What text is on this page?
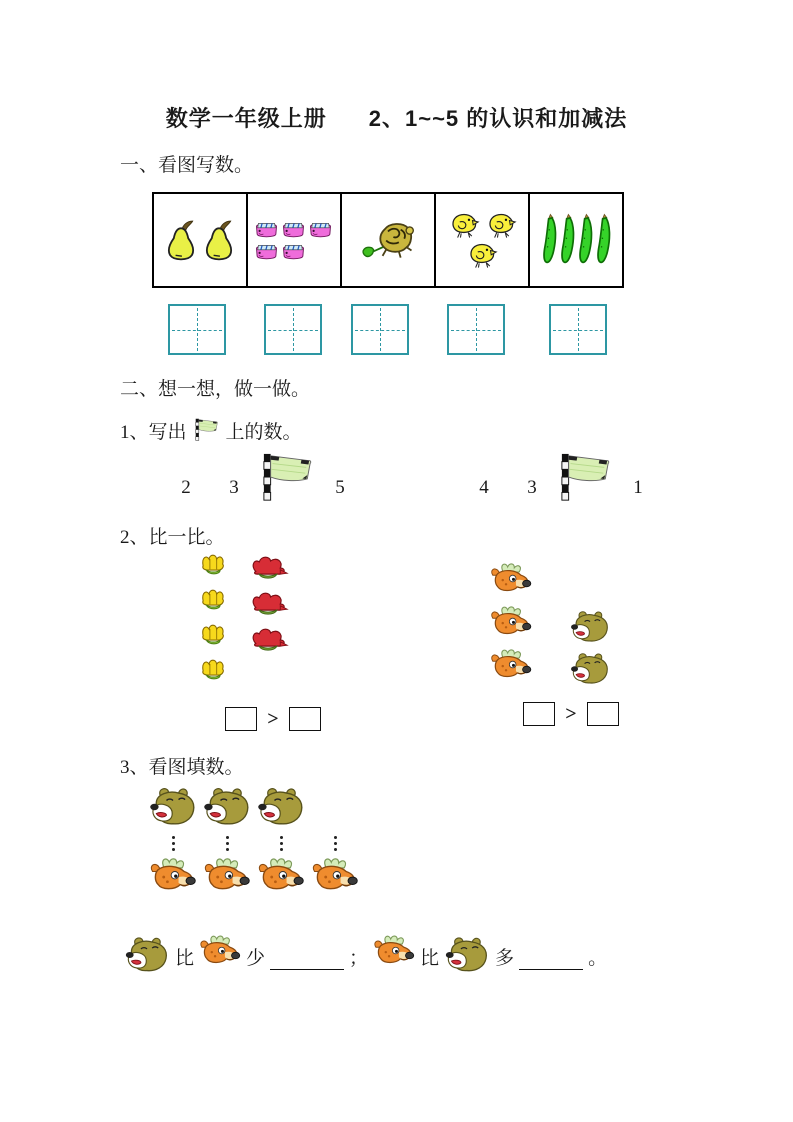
数学一年级上册 2、1~~5 的认识和加减法
一、看图写数。
二、想一想，做一做。
1、写出 上的数。
2	3	5	4	3	1
2、比一比。
>	>
3、看图填数。
比	少	；	比	多	。
